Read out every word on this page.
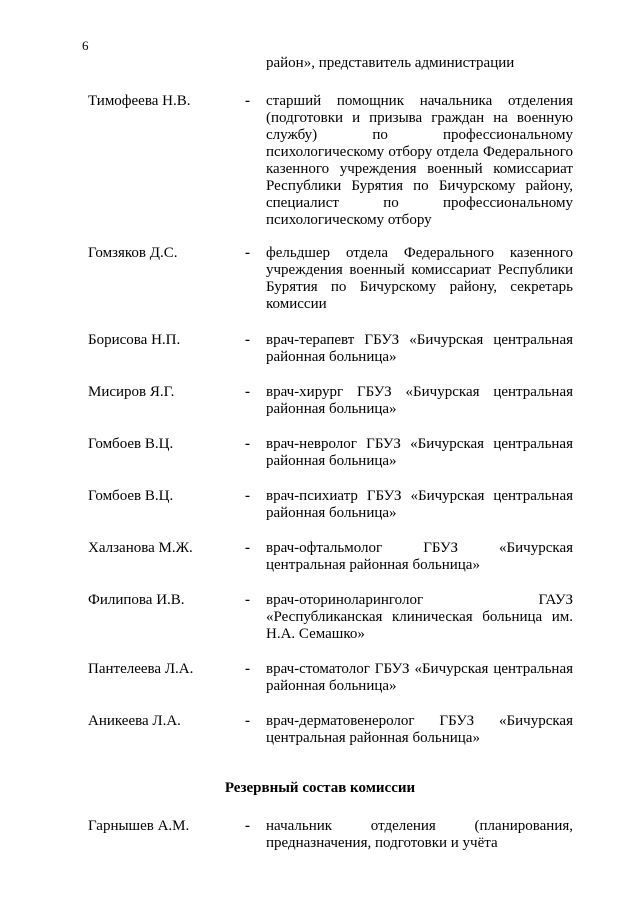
6
район», представитель администрации
Тимофеева Н.В.	- старший помощник начальника отделения (подготовки и призыва граждан на военную службу) по профессиональному психологическому отбору отдела Федерального казенного учреждения военный комиссариат Республики Бурятия по Бичурскому району, специалист по профессиональному психологическому отбору
Гомзяков Д.С.	- фельдшер отдела Федерального казенного учреждения военный комиссариат Республики Бурятия по Бичурскому району, секретарь комиссии
Борисова Н.П.	- врач-терапевт ГБУЗ «Бичурская центральная районная больница»
Мисиров Я.Г.	- врач-хирург ГБУЗ «Бичурская центральная районная больница»
Гомбоев В.Ц.	- врач-невролог ГБУЗ «Бичурская центральная районная больница»
Гомбоев В.Ц.	- врач-психиатр ГБУЗ «Бичурская центральная районная больница»
Халзанова М.Ж.	- врач-офтальмолог ГБУЗ «Бичурская центральная районная больница»
Филипова И.В.	- врач-оториноларинголог ГАУЗ «Республиканская клиническая больница им. Н.А. Семашко»
Пантелеева Л.А.	- врач-стоматолог ГБУЗ «Бичурская центральная районная больница»
Аникеева Л.А.	- врач-дерматовенеролог ГБУЗ «Бичурская центральная районная больница»
Резервный состав комиссии
Гарнышев А.М.	- начальник отделения (планирования, предназначения, подготовки и учёта
